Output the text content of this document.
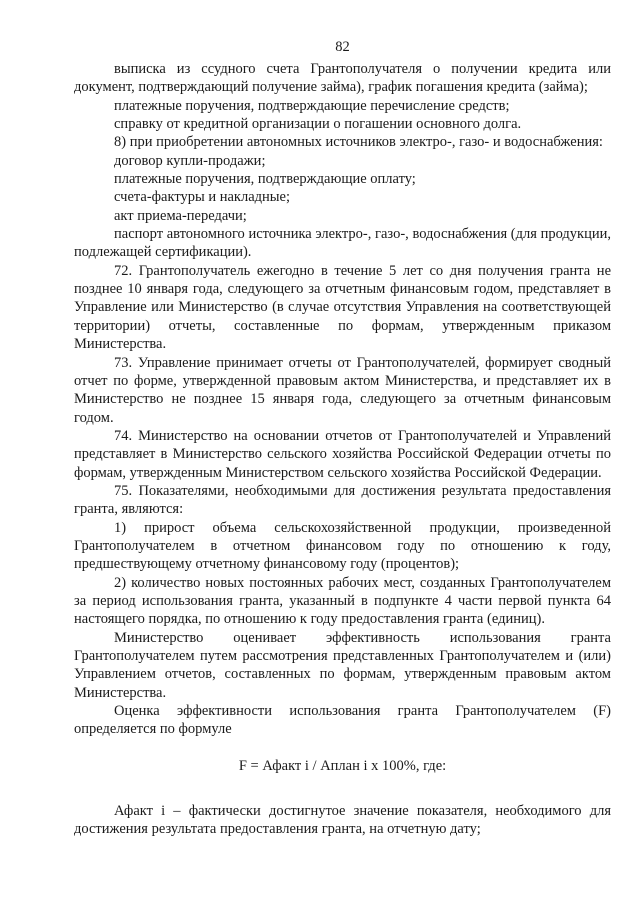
82

выписка из ссудного счета Грантополучателя о получении кредита или документ, подтверждающий получение займа), график погашения кредита (займа);

платежные поручения, подтверждающие перечисление средств;

справку от кредитной организации о погашении основного долга.

8) при приобретении автономных источников электро-, газо- и водоснабжения:

договор купли-продажи;

платежные поручения, подтверждающие оплату;

счета-фактуры и накладные;

акт приема-передачи;

паспорт автономного источника электро-, газо-, водоснабжения (для продукции, подлежащей сертификации).

72. Грантополучатель ежегодно в течение 5 лет со дня получения гранта не позднее 10 января года, следующего за отчетным финансовым годом, представляет в Управление или Министерство (в случае отсутствия Управления на соответствующей территории) отчеты, составленные по формам, утвержденным приказом Министерства.

73. Управление принимает отчеты от Грантополучателей, формирует сводный отчет по форме, утвержденной правовым актом Министерства, и представляет их в Министерство не позднее 15 января года, следующего за отчетным финансовым годом.

74. Министерство на основании отчетов от Грантополучателей и Управлений представляет в Министерство сельского хозяйства Российской Федерации отчеты по формам, утвержденным Министерством сельского хозяйства Российской Федерации.

75. Показателями, необходимыми для достижения результата предоставления гранта, являются:

1) прирост объема сельскохозяйственной продукции, произведенной Грантополучателем в отчетном финансовом году по отношению к году, предшествующему отчетному финансовому году (процентов);

2) количество новых постоянных рабочих мест, созданных Грантополучателем за период использования гранта, указанный в подпункте 4 части первой пункта 64 настоящего порядка, по отношению к году предоставления гранта (единиц).

Министерство оценивает эффективность использования гранта Грантополучателем путем рассмотрения представленных Грантополучателем и (или) Управлением отчетов, составленных по формам, утвержденным правовым актом Министерства.

Оценка эффективности использования гранта Грантополучателем (F) определяется по формуле

F = Афакт i / Аплан i x 100%, где:

Афакт i – фактически достигнутое значение показателя, необходимого для достижения результата предоставления гранта, на отчетную дату;
